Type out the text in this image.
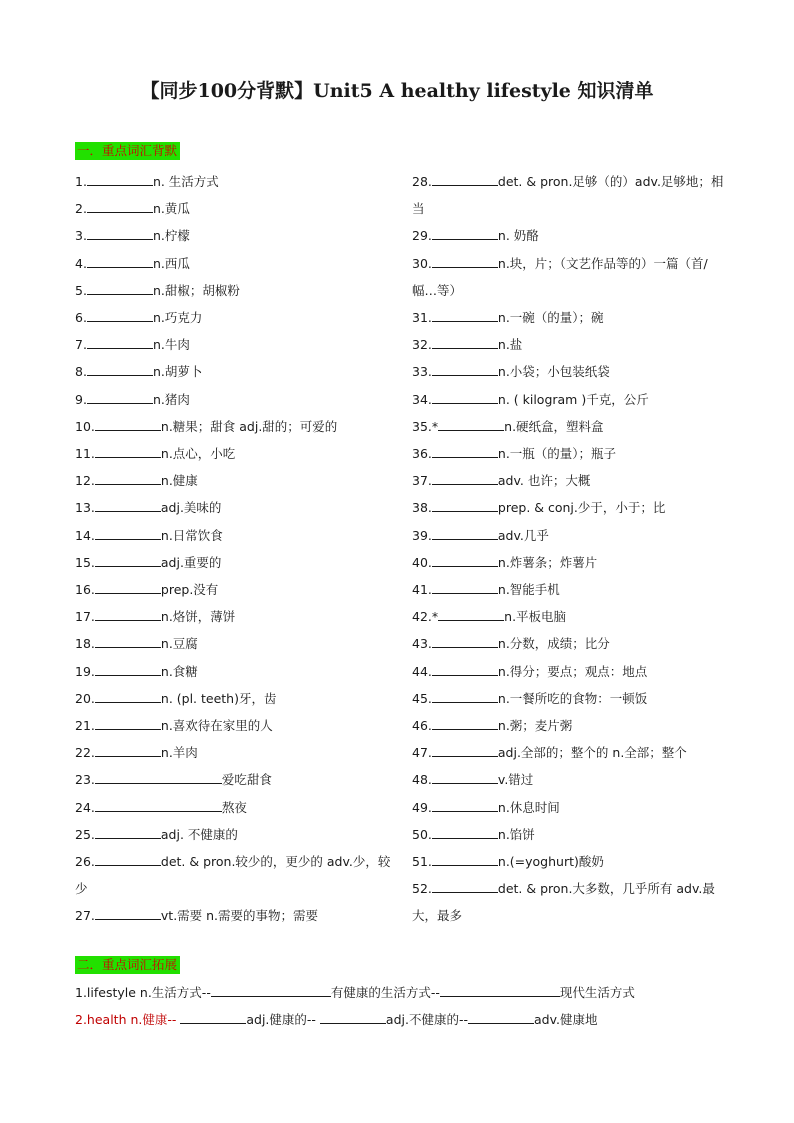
【同步100分背默】Unit5 A healthy lifestyle 知识清单
一．重点词汇背默
1.	n. 生活方式
2.	n.黄瓜
3.	n.柠檬
4.	n.西瓜
5.	n.甜椒；胡椒粉
6.	n.巧克力
7.	n.牛肉
8.	n.胡萝卜
9.	n.猪肉
10.	n.糖果；甜食 adj.甜的；可爱的
11.	n.点心，小吃
12.	n.健康
13.	adj.美味的
14.	n.日常饮食
15.	adj.重要的
16.	prep.没有
17.	n.烙饼，薄饼
18.	n.豆腐
19.	n.食糖
20.	n. (pl. teeth)牙，齿
21.	n.喜欢待在家里的人
22.	n.羊肉
23.	爱吃甜食
24.	熬夜
25.	adj. 不健康的
26.	det. & pron.较少的，更少的 adv.少，较少
27.	vt.需要 n.需要的事物；需要
28.	det. & pron.足够（的）adv.足够地；相当
29.	n. 奶酪
30.	n.块，片；（文艺作品等的）一篇（首/幅…等）
31.	n.一碗（的量）；碗
32.	n.盐
33.	n.小袋；小包装纸袋
34.	n. ( kilogram )千克，公斤
35.*	n.硬纸盒，塑料盒
36.	n.一瓶（的量）；瓶子
37.	adv. 也许；大概
38.	prep. & conj.少于，小于；比
39.	adv.几乎
40.	n.炸薯条；炸薯片
41.	n.智能手机
42.*	n.平板电脑
43.	n.分数，成绩；比分
44.	n.得分；要点；观点：地点
45.	n.一餐所吃的食物：一顿饭
46.	n.粥；麦片粥
47.	adj.全部的；整个的 n.全部；整个
48.	v.错过
49.	n.休息时间
50.	n.馅饼
51.	n.(=yoghurt)酸奶
52.	det. & pron.大多数，几乎所有 adv.最大，最多
二．重点词汇拓展
1.lifestyle n.生活方式--	有健康的生活方式--	现代生活方式
2.health n.健康--	adj.健康的--	adj.不健康的--	adv.健康地
